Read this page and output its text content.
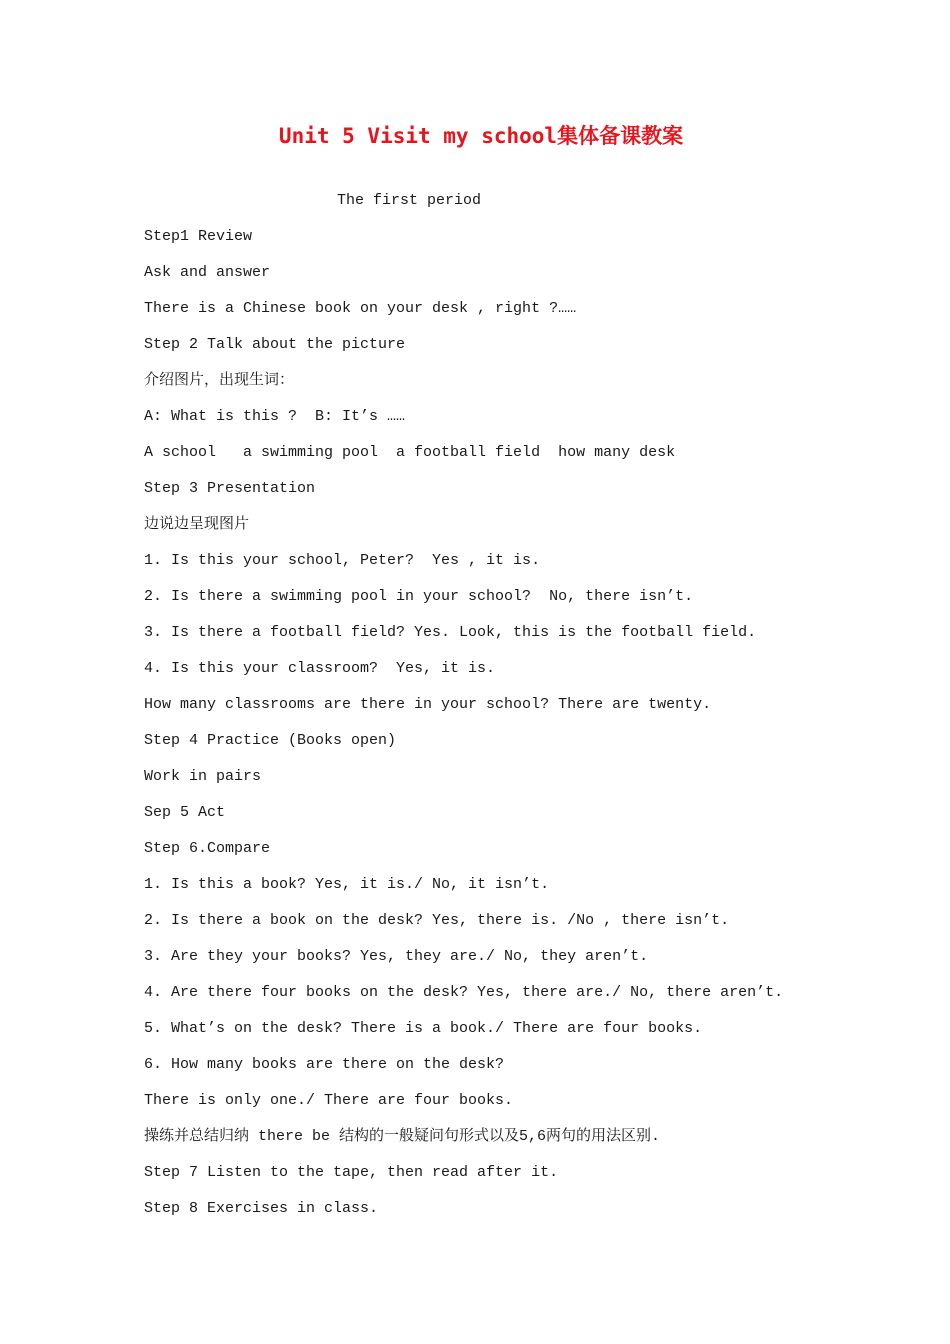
Unit 5 Visit my school集体备课教案
The first period
Step1 Review
Ask and answer
There is a Chinese book on your desk , right ?……
Step 2 Talk about the picture
介绍图片，出现生词：
A: What is this ?  B: It’s ……
A school   a swimming pool  a football field  how many desk
Step 3 Presentation
边说边呈现图片
1. Is this your school, Peter?  Yes , it is.
2. Is there a swimming pool in your school?  No, there isn’t.
3. Is there a football field? Yes. Look, this is the football field.
4. Is this your classroom?  Yes, it is.
How many classrooms are there in your school? There are twenty.
Step 4 Practice (Books open)
Work in pairs
Sep 5 Act
Step 6.Compare
1. Is this a book? Yes, it is./ No, it isn’t.
2. Is there a book on the desk? Yes, there is. /No , there isn’t.
3. Are they your books? Yes, they are./ No, they aren’t.
4. Are there four books on the desk? Yes, there are./ No, there aren’t.
5. What’s on the desk? There is a book./ There are four books.
6. How many books are there on the desk?
There is only one./ There are four books.
操练并总结归纳 there be 结构的一般疑问句形式以及5,6两句的用法区别.
Step 7 Listen to the tape, then read after it.
Step 8 Exercises in class.
